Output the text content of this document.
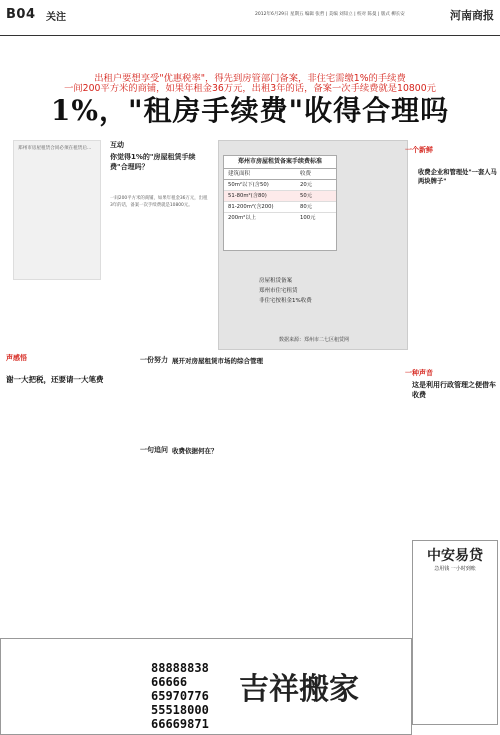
B04 关注	2012年6月29日 星期五 编辑 张哲 | 美编 刘知立 | 校对 陈曼 | 版式 柳长安	河南商报
出租户要想享受"优惠税率"，得先到房管部门备案，非住宅需缴1%的手续费
一间200平方米的商铺，如果年租金36万元，出租3年的话，备案一次手续费就是10800元
1%，"租房手续费"收得合理吗
郑州市房屋租赁合同必须在租赁后...	互动
你觉得1%的"房屋租赁手续费"合理吗？
一间200平方米的商铺，如果年租金36万元，出租3年的话，备案一次手续费就是10800元。
郑州市房屋租赁备案手续费标准
建筑面积	收费
50m²以下(含50)	20元
51-80m²(含80)	50元
81-200m²(含200)	80元
200m²以上	100元
房屋租赁备案
郑州市住宅租赁
非住宅按租金1%收费
数据来源：郑州市二七区租赁网
一个新鲜
收费企业和管理处"一套人马两块牌子"
一种声音
这是利用行政管理之便借车收费
声感悟
谢一大把税，还要请一大笔费
一份努力 展开对房屋租赁市场的综合管理
一句追问 收费依据何在？
中安易贷
急用钱 一小时到账
88888838
66666
65970776
55518000
66669871
吉祥搬家
